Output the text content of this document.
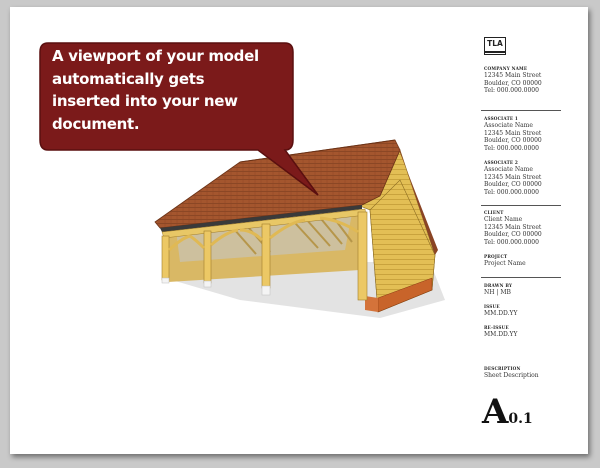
A viewport of your model
automatically gets
inserted into your new
document.
TLA
COMPANY NAME
12345 Main Street
Boulder, CO 00000
Tel: 000.000.0000
ASSOCIATE 1
Associate Name
12345 Main Street
Boulder, CO 00000
Tel: 000.000.0000
ASSOCIATE 2
Associate Name
12345 Main Street
Boulder, CO 00000
Tel: 000.000.0000
CLIENT
Client Name
12345 Main Street
Boulder, CO 00000
Tel: 000.000.0000
PROJECT
Project Name
DRAWN BY
NH | MB
ISSUE
MM.DD.YY
RE-ISSUE
MM.DD.YY
DESCRIPTION
Sheet Description
A0.1
